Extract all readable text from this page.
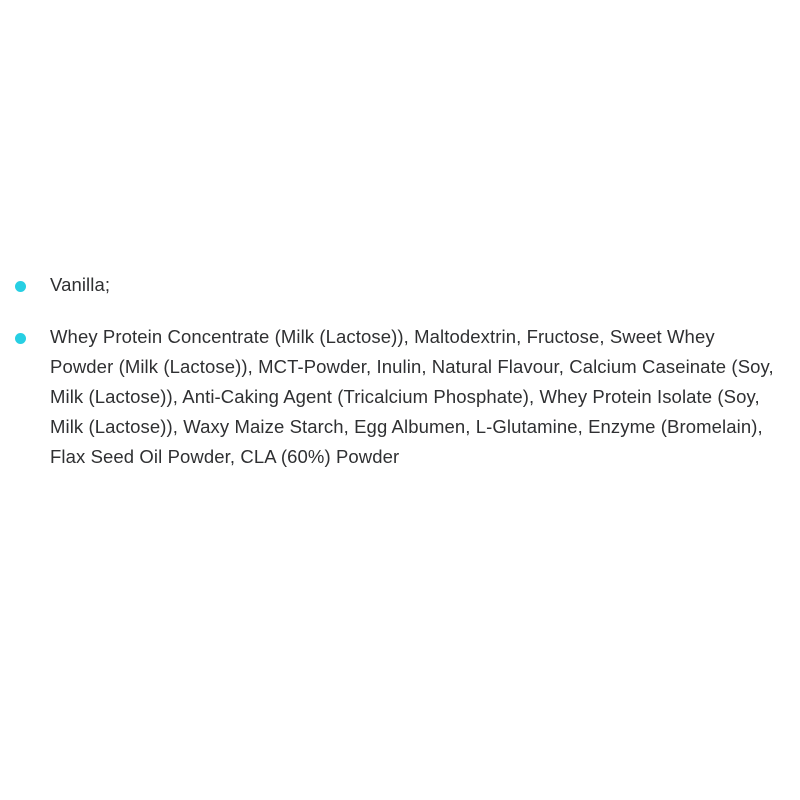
Vanilla;
Whey Protein Concentrate (Milk (Lactose)), Maltodextrin, Fructose, Sweet Whey Powder (Milk (Lactose)), MCT-Powder, Inulin, Natural Flavour, Calcium Caseinate (Soy, Milk (Lactose)), Anti-Caking Agent (Tricalcium Phosphate), Whey Protein Isolate (Soy, Milk (Lactose)), Waxy Maize Starch, Egg Albumen, L-Glutamine, Enzyme (Bromelain), Flax Seed Oil Powder, CLA (60%) Powder
